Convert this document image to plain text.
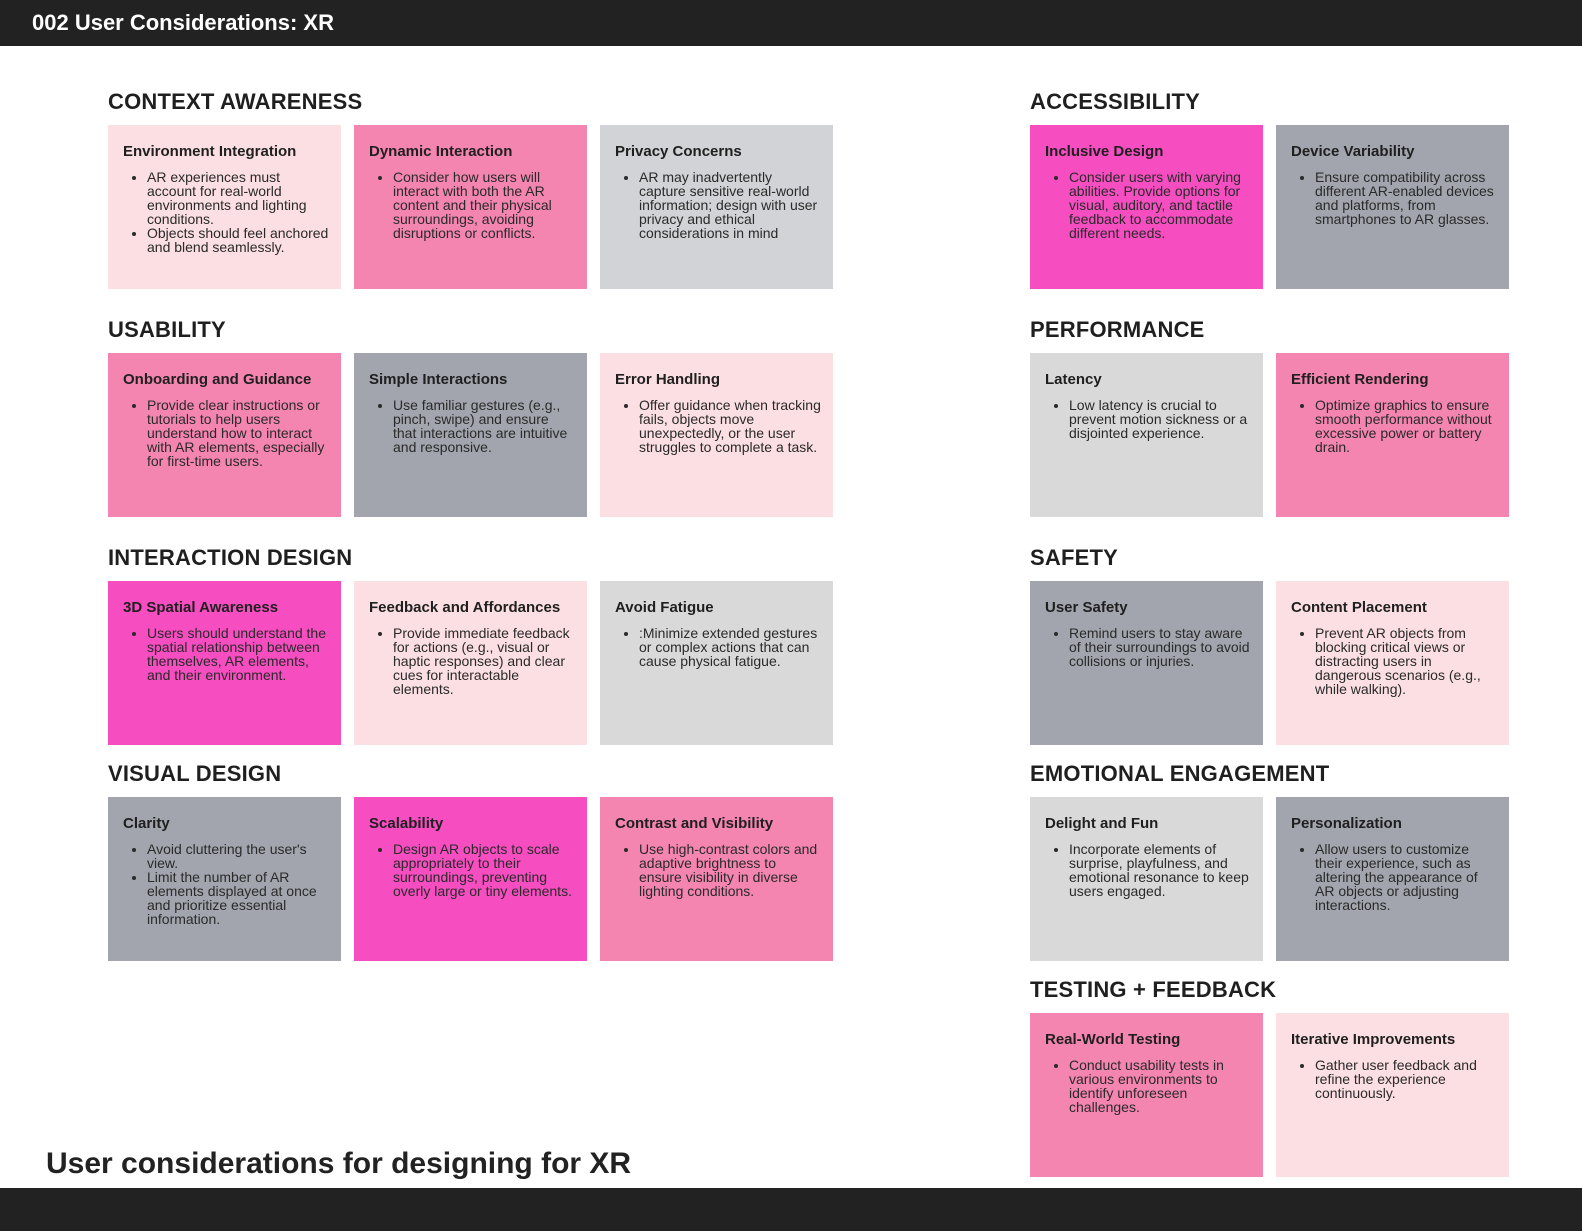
002 User Considerations: XR
CONTEXT AWARENESS
Environment Integration
• AR experiences must account for real-world environments and lighting conditions.
• Objects should feel anchored and blend seamlessly.
Dynamic Interaction
• Consider how users will interact with both the AR content and their physical surroundings, avoiding disruptions or conflicts.
Privacy Concerns
• AR may inadvertently capture sensitive real-world information; design with user privacy and ethical considerations in mind
USABILITY
Onboarding and Guidance
• Provide clear instructions or tutorials to help users understand how to interact with AR elements, especially for first-time users.
Simple Interactions
• Use familiar gestures (e.g., pinch, swipe) and ensure that interactions are intuitive and responsive.
Error Handling
• Offer guidance when tracking fails, objects move unexpectedly, or the user struggles to complete a task.
INTERACTION DESIGN
3D Spatial Awareness
• Users should understand the spatial relationship between themselves, AR elements, and their environment.
Feedback and Affordances
• Provide immediate feedback for actions (e.g., visual or haptic responses) and clear cues for interactable elements.
Avoid Fatigue
• :Minimize extended gestures or complex actions that can cause physical fatigue.
VISUAL DESIGN
Clarity
• Avoid cluttering the user's view.
• Limit the number of AR elements displayed at once and prioritize essential information.
Scalability
• Design AR objects to scale appropriately to their surroundings, preventing overly large or tiny elements.
Contrast and Visibility
• Use high-contrast colors and adaptive brightness to ensure visibility in diverse lighting conditions.
ACCESSIBILITY
Inclusive Design
• Consider users with varying abilities. Provide options for visual, auditory, and tactile feedback to accommodate different needs.
Device Variability
• Ensure compatibility across different AR-enabled devices and platforms, from smartphones to AR glasses.
PERFORMANCE
Latency
• Low latency is crucial to prevent motion sickness or a disjointed experience.
Efficient Rendering
• Optimize graphics to ensure smooth performance without excessive power or battery drain.
SAFETY
User Safety
• Remind users to stay aware of their surroundings to avoid collisions or injuries.
Content Placement
• Prevent AR objects from blocking critical views or distracting users in dangerous scenarios (e.g., while walking).
EMOTIONAL ENGAGEMENT
Delight and Fun
• Incorporate elements of surprise, playfulness, and emotional resonance to keep users engaged.
Personalization
• Allow users to customize their experience, such as altering the appearance of AR objects or adjusting interactions.
TESTING + FEEDBACK
Real-World Testing
• Conduct usability tests in various environments to identify unforeseen challenges.
Iterative Improvements
• Gather user feedback and refine the experience continuously.
User considerations for designing for XR
